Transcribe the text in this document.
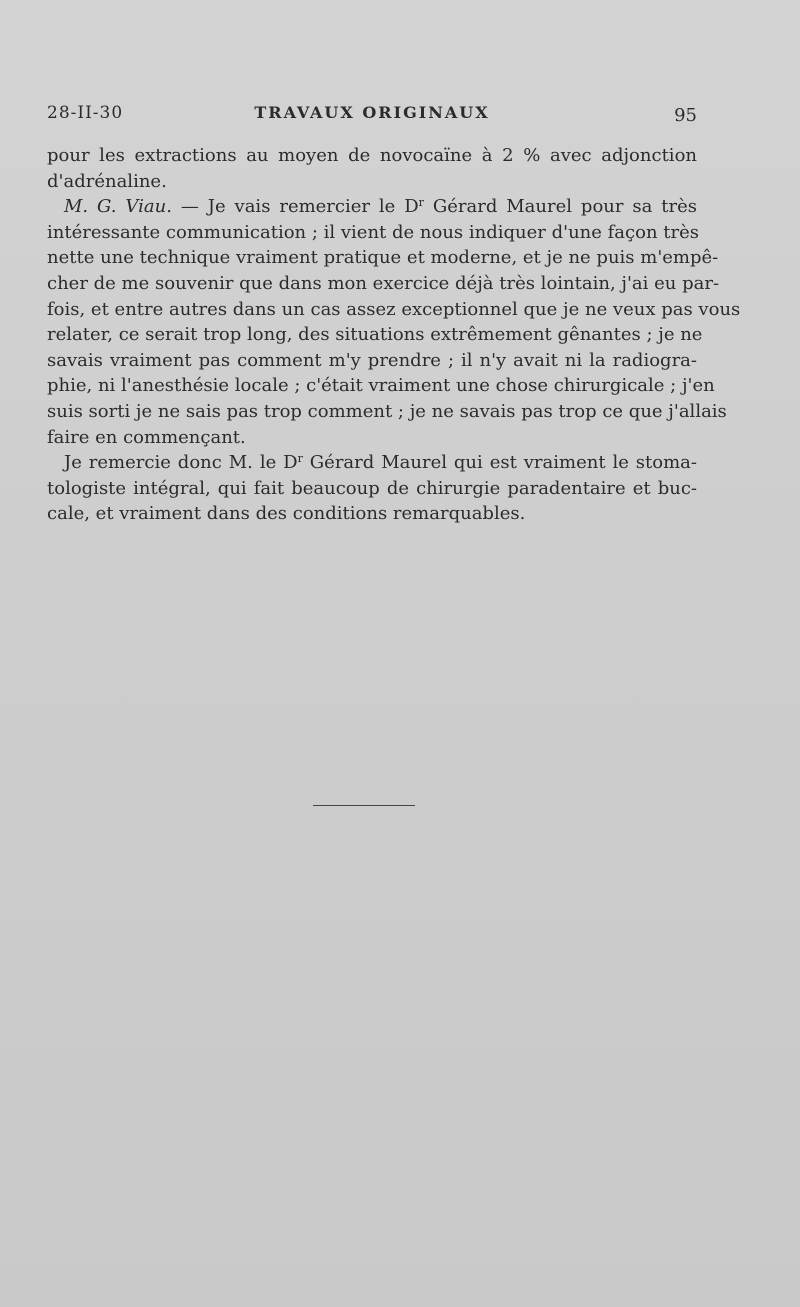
28-II-30	TRAVAUX ORIGINAUX	95
pour les extractions au moyen de novocaïne à 2 % avec adjonction
d'adrénaline.
M. G. Viau. — Je vais remercier le $D^r$ Gérard Maurel pour sa très
intéressante communication ; il vient de nous indiquer d'une façon très
nette une technique vraiment pratique et moderne, et je ne puis m'empê-
cher de me souvenir que dans mon exercice déjà très lointain, j'ai eu par-
fois, et entre autres dans un cas assez exceptionnel que je ne veux pas vous
relater, ce serait trop long, des situations extrêmement gênantes ; je ne
savais vraiment pas comment m'y prendre ; il n'y avait ni la radiogra-
phie, ni l'anesthésie locale ; c'était vraiment une chose chirurgicale ; j'en
suis sorti je ne sais pas trop comment ; je ne savais pas trop ce que j'allais
faire en commençant.
Je remercie donc M. le $D^r$ Gérard Maurel qui est vraiment le stoma-
tologiste intégral, qui fait beaucoup de chirurgie paradentaire et buc-
cale, et vraiment dans des conditions remarquables.
